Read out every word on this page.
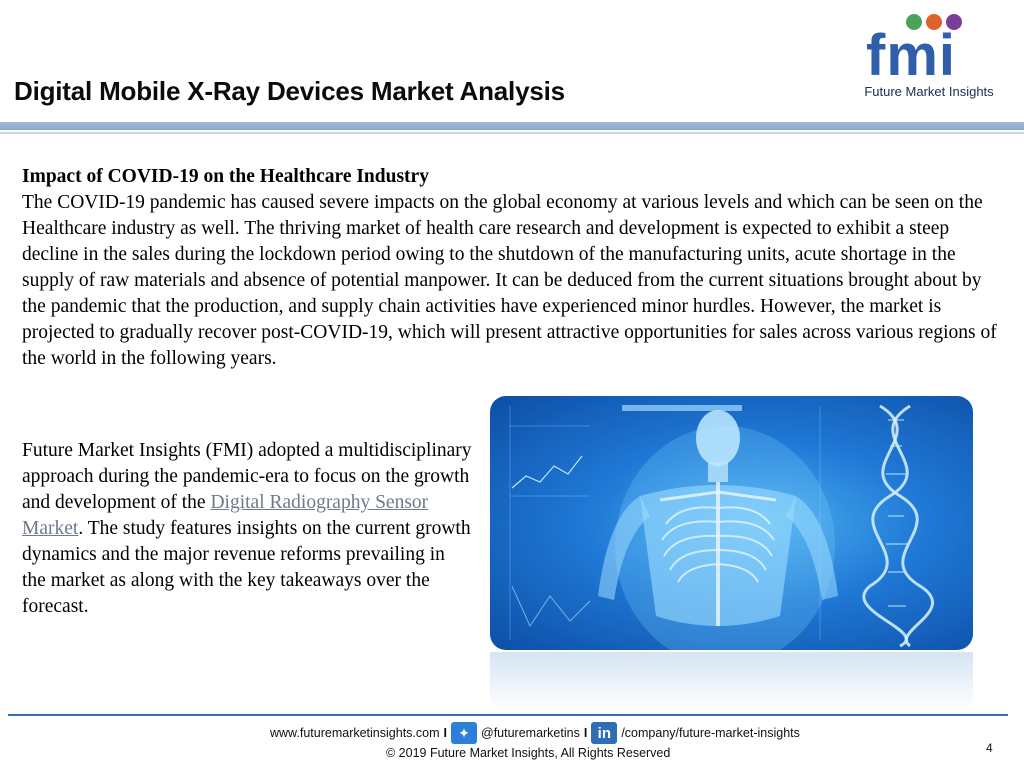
Digital Mobile X-Ray Devices Market Analysis
fmi
Future Market Insights
Impact of COVID-19 on the Healthcare Industry
The COVID-19 pandemic has caused severe impacts on the global economy at various levels and which can be seen on the Healthcare industry as well. The thriving market of health care research and development is expected to exhibit a steep decline in the sales during the lockdown period owing to the shutdown of the manufacturing units, acute shortage in the supply of raw materials and absence of potential manpower. It can be deduced from the current situations brought about by the pandemic that the production, and supply chain activities have experienced minor hurdles. However, the market is projected to gradually recover post-COVID-19, which will present attractive opportunities for sales across various regions of the world in the following years.
Future Market Insights (FMI) adopted a multidisciplinary approach during the pandemic-era to focus on the growth and development of the Digital Radiography Sensor Market. The study features insights on the current growth dynamics and the major revenue reforms prevailing in the market as along with the key takeaways over the forecast.
www.futuremarketinsights.com I ✦ @futuremarketins I in /company/future-market-insights
© 2019 Future Market Insights, All Rights Reserved	4
